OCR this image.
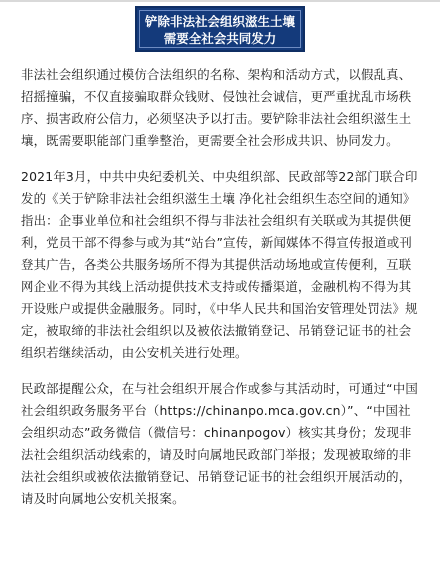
铲除非法社会组织滋生土壤
需要全社会共同发力

非法社会组织通过模仿合法组织的名称、架构和活动方式，以假乱真、招摇撞骗，不仅直接骗取群众钱财、侵蚀社会诚信，更严重扰乱市场秩序、损害政府公信力，必须坚决予以打击。要铲除非法社会组织滋生土壤，既需要职能部门重拳整治，更需要全社会形成共识、协同发力。

2021年3月，中共中央纪委机关、中央组织部、民政部等22部门联合印发的《关于铲除非法社会组织滋生土壤 净化社会组织生态空间的通知》指出：企事业单位和社会组织不得与非法社会组织有关联或为其提供便利，党员干部不得参与或为其“站台”宣传，新闻媒体不得宣传报道或刊登其广告，各类公共服务场所不得为其提供活动场地或宣传便利，互联网企业不得为其线上活动提供技术支持或传播渠道，金融机构不得为其开设账户或提供金融服务。同时，《中华人民共和国治安管理处罚法》规定，被取缔的非法社会组织以及被依法撤销登记、吊销登记证书的社会组织若继续活动，由公安机关进行处理。

民政部提醒公众，在与社会组织开展合作或参与其活动时，可通过“中国社会组织政务服务平台（https://chinanpo.mca.gov.cn）”、“中国社会组织动态”政务微信（微信号：chinanpogov）核实其身份；发现非法社会组织活动线索的，请及时向属地民政部门举报；发现被取缔的非法社会组织或被依法撤销登记、吊销登记证书的社会组织开展活动的，请及时向属地公安机关报案。
